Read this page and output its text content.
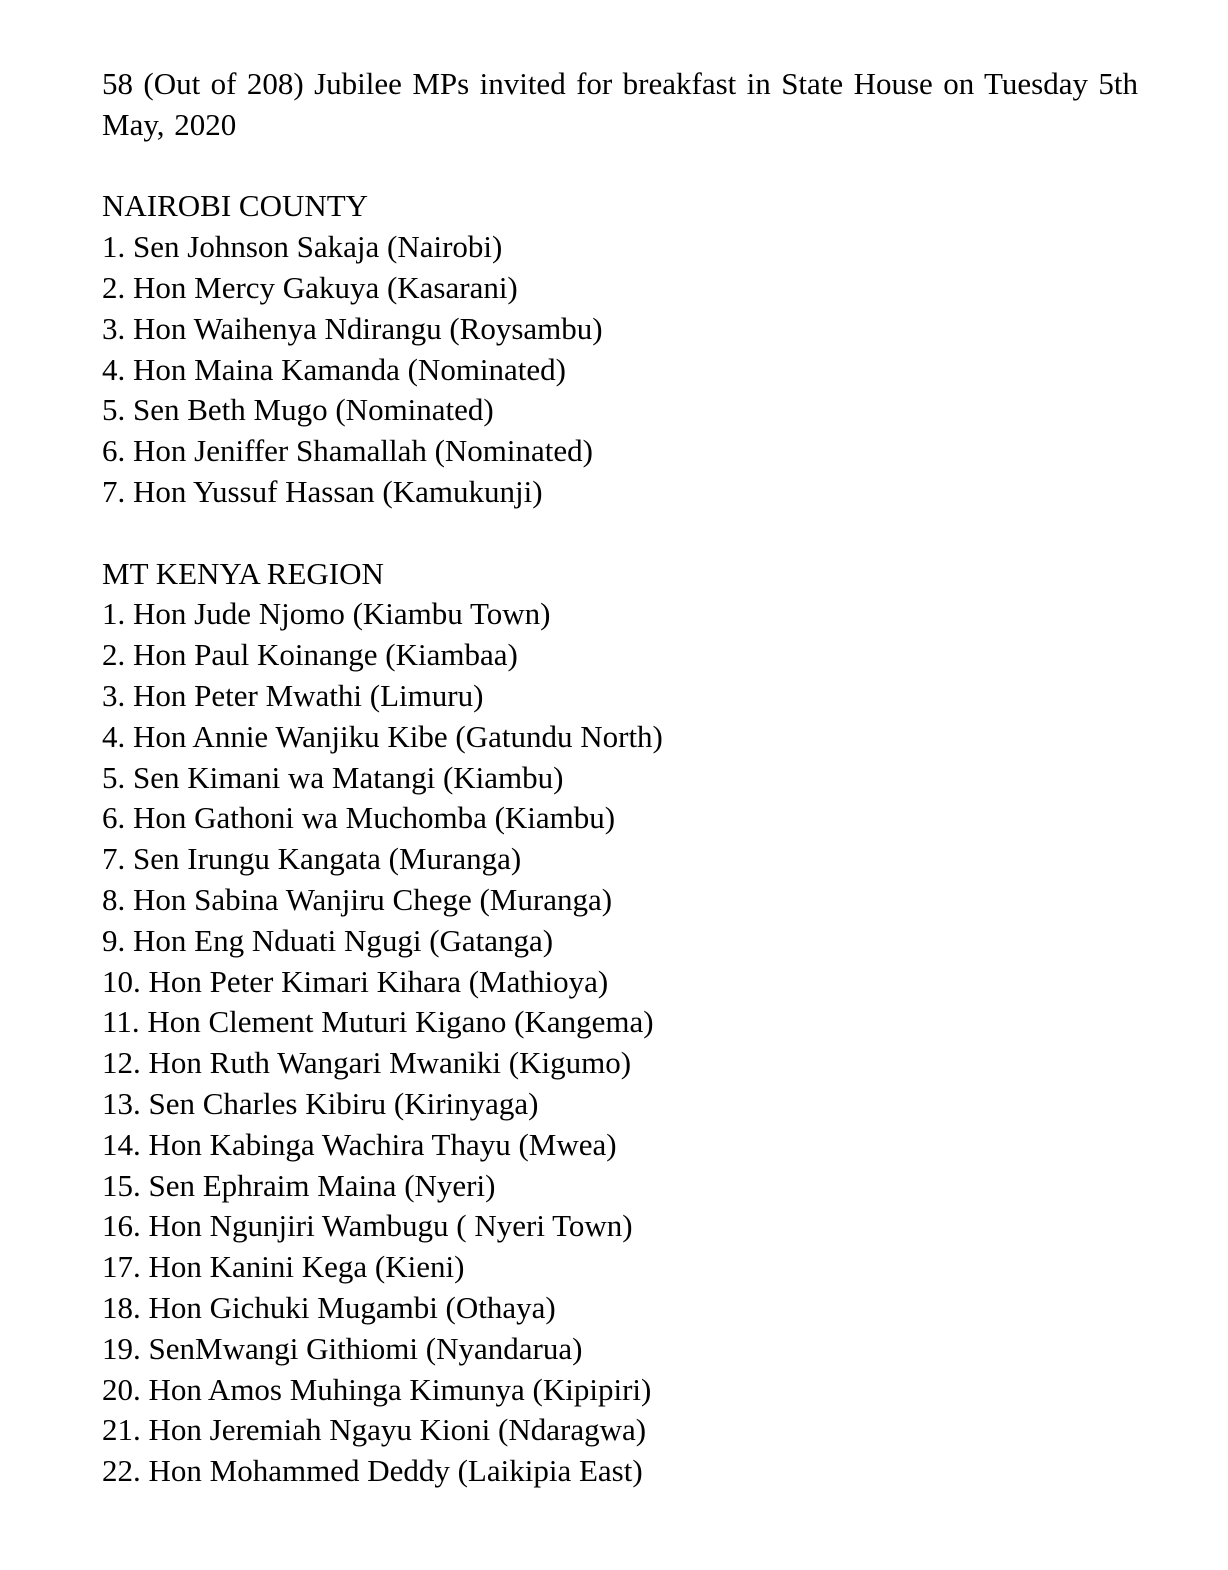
58 (Out of 208) Jubilee MPs invited for breakfast in State House on Tuesday 5th May, 2020

NAIROBI COUNTY
1. Sen Johnson Sakaja (Nairobi)
2. Hon Mercy Gakuya (Kasarani)
3. Hon Waihenya Ndirangu (Roysambu)
4. Hon Maina Kamanda (Nominated)
5. Sen Beth Mugo (Nominated)
6. Hon Jeniffer Shamallah (Nominated)
7. Hon Yussuf Hassan (Kamukunji)
MT KENYA REGION
1. Hon Jude Njomo (Kiambu Town)
2. Hon Paul Koinange (Kiambaa)
3. Hon Peter Mwathi (Limuru)
4. Hon Annie Wanjiku Kibe (Gatundu North)
5. Sen Kimani wa Matangi (Kiambu)
6. Hon Gathoni wa Muchomba (Kiambu)
7. Sen Irungu Kangata (Muranga)
8. Hon Sabina Wanjiru Chege (Muranga)
9. Hon Eng Nduati Ngugi (Gatanga)
10. Hon Peter Kimari Kihara (Mathioya)
11. Hon Clement Muturi Kigano (Kangema)
12. Hon Ruth Wangari Mwaniki (Kigumo)
13. Sen Charles Kibiru (Kirinyaga)
14. Hon Kabinga Wachira Thayu (Mwea)
15. Sen Ephraim Maina (Nyeri)
16. Hon Ngunjiri Wambugu ( Nyeri Town)
17. Hon Kanini Kega (Kieni)
18. Hon Gichuki Mugambi (Othaya)
19. SenMwangi Githiomi (Nyandarua)
20. Hon Amos Muhinga Kimunya (Kipipiri)
21. Hon Jeremiah Ngayu Kioni (Ndaragwa)
22. Hon Mohammed Deddy (Laikipia East)
